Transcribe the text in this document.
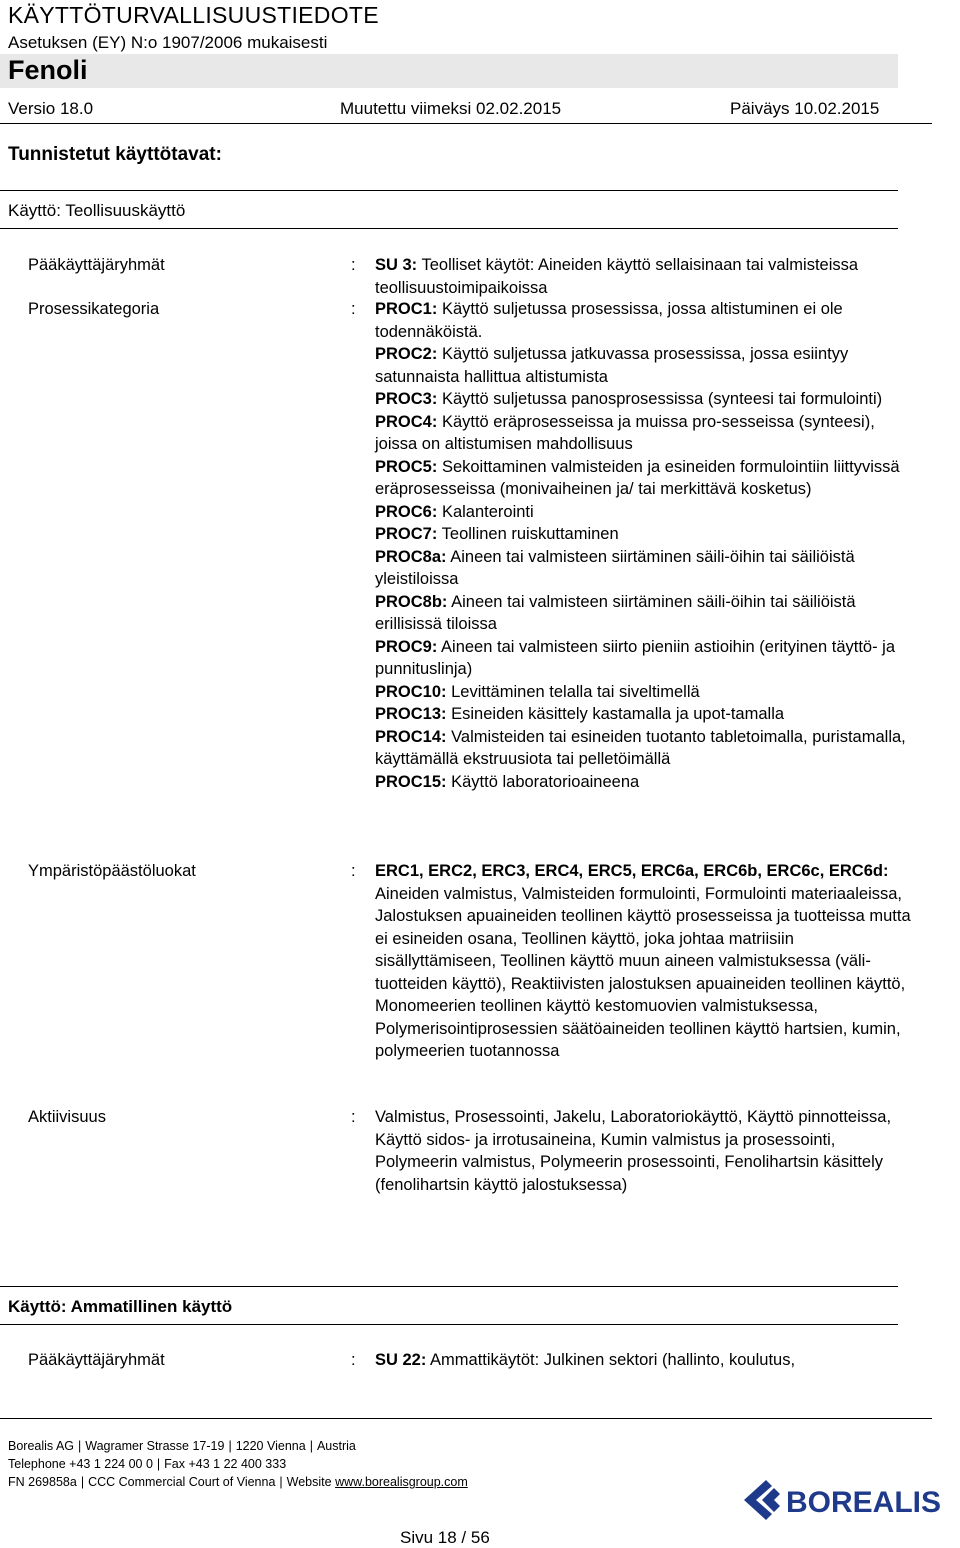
KÄYTTÖTURVALLISUUSTIEDOTE
Asetuksen (EY) N:o 1907/2006 mukaisesti
Fenoli
Versio 18.0	Muutettu viimeksi 02.02.2015	Päiväys 10.02.2015
Tunnistetut käyttötavat:
Käyttö: Teollisuuskäyttö
Pääkäyttäjäryhmät	: SU 3: Teolliset käytöt: Aineiden käyttö sellaisinaan tai valmisteissa teollisuustoimipaikoissa
Prosessikategoria	: PROC1: Käyttö suljetussa prosessissa, jossa altistuminen ei ole todennäköistä.
PROC2: Käyttö suljetussa jatkuvassa prosessissa, jossa esiintyy satunnaista hallittua altistumista
PROC3: Käyttö suljetussa panosprosessissa (synteesi tai formulointi)
PROC4: Käyttö eräprosesseissa ja muissa pro-sesseissa (synteesi), joissa on altistumisen mahdollisuus
PROC5: Sekoittaminen valmisteiden ja esineiden formulointiin liittyvissä eräprosesseissa (monivaiheinen ja/ tai merkittävä kosketus)
PROC6: Kalanterointi
PROC7: Teollinen ruiskuttaminen
PROC8a: Aineen tai valmisteen siirtäminen säili-öihin tai säiliöistä yleistiloissa
PROC8b: Aineen tai valmisteen siirtäminen säili-öihin tai säiliöistä erillisissä tiloissa
PROC9: Aineen tai valmisteen siirto pieniin astioihin (erityinen täyttö- ja punnituslinja)
PROC10: Levittäminen telalla tai siveltimellä
PROC13: Esineiden käsittely kastamalla ja upot-tamalla
PROC14: Valmisteiden tai esineiden tuotanto tabletoimalla, puristamalla, käyttämällä ekstruusiota tai pelletöimällä
PROC15: Käyttö laboratorioaineena
Ympäristöpäästöluokat	: ERC1, ERC2, ERC3, ERC4, ERC5, ERC6a, ERC6b, ERC6c, ERC6d: Aineiden valmistus, Valmisteiden formulointi, Formulointi materiaaleissa, Jalostuksen apuaineiden teollinen käyttö prosesseissa ja tuotteissa mutta ei esineiden osana, Teollinen käyttö, joka johtaa matriisiin sisällyttämiseen, Teollinen käyttö muun aineen valmistuksessa (väli-tuotteiden käyttö), Reaktiivisten jalostuksen apuaineiden teollinen käyttö, Monomeerien teollinen käyttö kestomuovien valmistuksessa, Polymerisointiprosessien säätöaineiden teollinen käyttö hartsien, kumin, polymeerien tuotannossa
Aktiivisuus	: Valmistus, Prosessointi, Jakelu, Laboratoriokäyttö, Käyttö pinnotteissa, Käyttö sidos- ja irrotusaineina, Kumin valmistus ja prosessointi, Polymeerin valmistus, Polymeerin prosessointi, Fenolihartsin käsittely (fenolihartsin käyttö jalostuksessa)
Käyttö: Ammatillinen käyttö
Pääkäyttäjäryhmät	: SU 22: Ammattikäytöt: Julkinen sektori (hallinto, koulutus,
Borealis AG | Wagramer Strasse 17-19 | 1220 Vienna | Austria
Telephone +43 1 224 00 0 | Fax +43 1 22 400 333
FN 269858a | CCC Commercial Court of Vienna | Website www.borealisgroup.com
BOREALIS
Sivu 18 / 56
